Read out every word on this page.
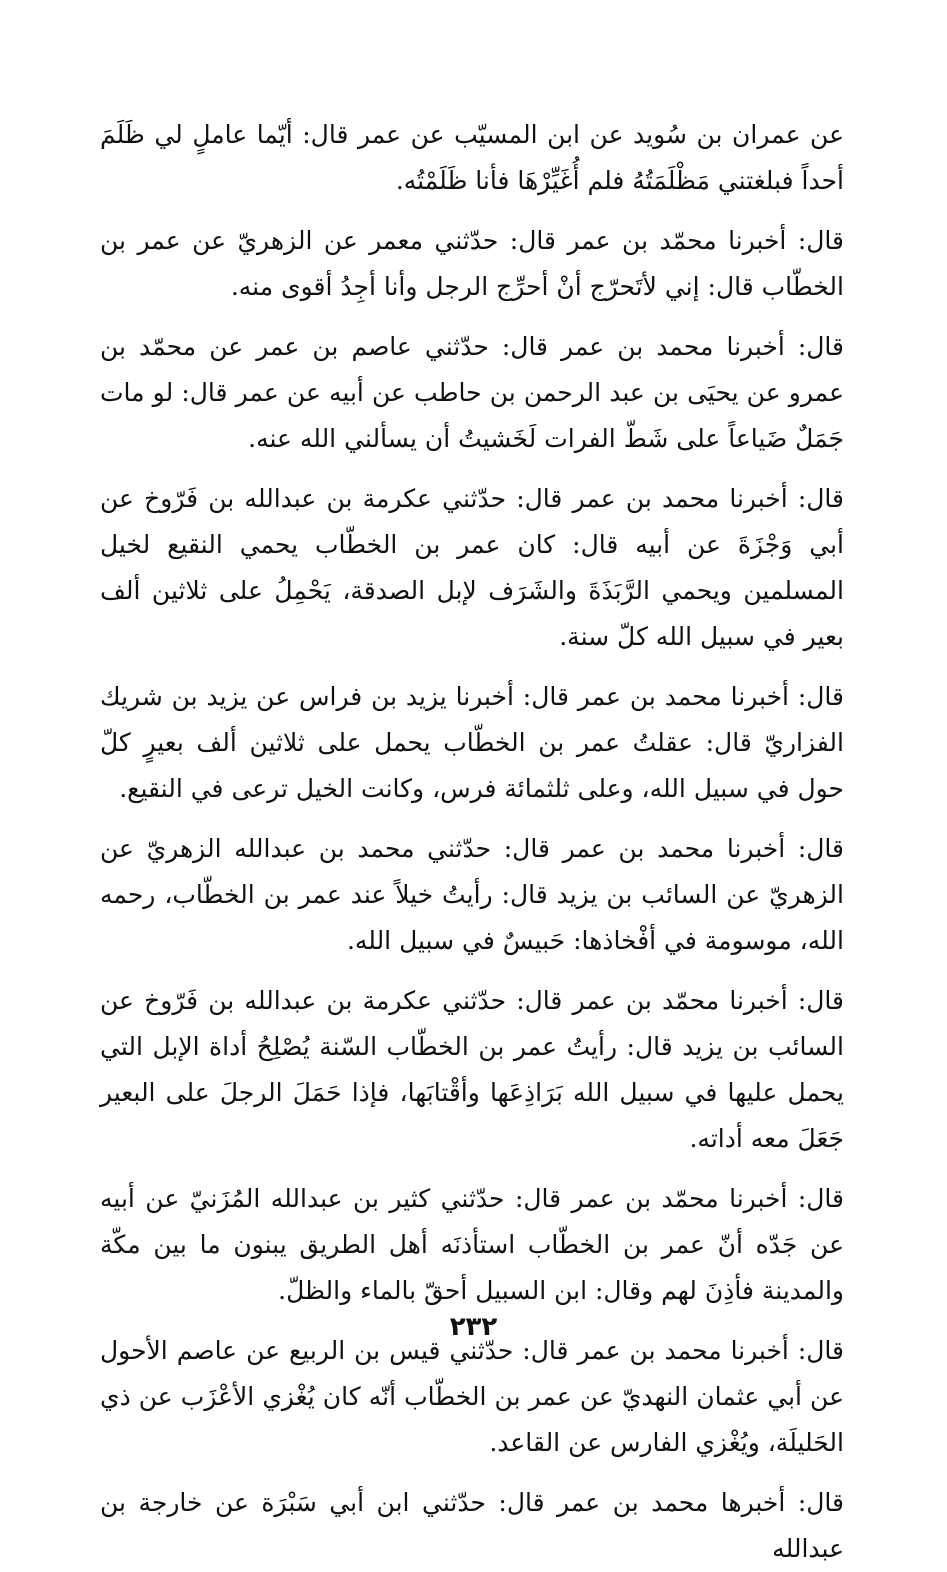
عن عمران بن سُويد عن ابن المسيّب عن عمر قال: أيّما عاملٍ لي ظَلَمَ أحداً فبلغتني مَظْلَمَتُهُ فلم أُغَيِّرْهَا فأنا ظَلَمْتُه.

قال: أخبرنا محمّد بن عمر قال: حدّثني معمر عن الزهريّ عن عمر بن الخطّاب قال: إني لأتَحرّج أنْ أحرِّج الرجل وأنا أجِدُ أقوى منه.

قال: أخبرنا محمد بن عمر قال: حدّثني عاصم بن عمر عن محمّد بن عمرو عن يحيَى بن عبد الرحمن بن حاطب عن أبيه عن عمر قال: لو مات جَمَلٌ ضَياعاً على شَطّ الفرات لَخَشيتُ أن يسألني الله عنه.

قال: أخبرنا محمد بن عمر قال: حدّثني عكرمة بن عبدالله بن فَرّوخ عن أبي وَجْزَةَ عن أبيه قال: كان عمر بن الخطّاب يحمي النقيع لخيل المسلمين ويحمي الرَّبَذَةَ والشَرَف لإبل الصدقة، يَحْمِلُ على ثلاثين ألف بعير في سبيل الله كلّ سنة.

قال: أخبرنا محمد بن عمر قال: أخبرنا يزيد بن فراس عن يزيد بن شريك الفزاريّ قال: عقلتُ عمر بن الخطّاب يحمل على ثلاثين ألف بعيرٍ كلّ حول في سبيل الله، وعلى ثلثمائة فرس، وكانت الخيل ترعى في النقيع.

قال: أخبرنا محمد بن عمر قال: حدّثني محمد بن عبدالله الزهريّ عن الزهريّ عن السائب بن يزيد قال: رأيتُ خيلاً عند عمر بن الخطّاب، رحمه الله، موسومة في أفْخاذها: حَبيسٌ في سبيل الله.

قال: أخبرنا محمّد بن عمر قال: حدّثني عكرمة بن عبدالله بن فَرّوخ عن السائب بن يزيد قال: رأيتُ عمر بن الخطّاب السّنة يُصْلِحُ أداة الإبل التي يحمل عليها في سبيل الله بَرَاذِعَها وأقْتابَها، فإذا حَمَلَ الرجلَ على البعير جَعَلَ معه أداته.

قال: أخبرنا محمّد بن عمر قال: حدّثني كثير بن عبدالله المُزَنيّ عن أبيه عن جَدّه أنّ عمر بن الخطّاب استأذنَه أهل الطريق يبنون ما بين مكّة والمدينة فأذِنَ لهم وقال: ابن السبيل أحقّ بالماء والظلّ.

قال: أخبرنا محمد بن عمر قال: حدّثني قيس بن الربيع عن عاصم الأحول عن أبي عثمان النهديّ عن عمر بن الخطّاب أنّه كان يُغْزي الأعْزَب عن ذي الحَليلَة، ويُغْزي الفارس عن القاعد.

قال: أخبرها محمد بن عمر قال: حدّثني ابن أبي سَبْرَة عن خارجة بن عبدالله

٢٣٢
